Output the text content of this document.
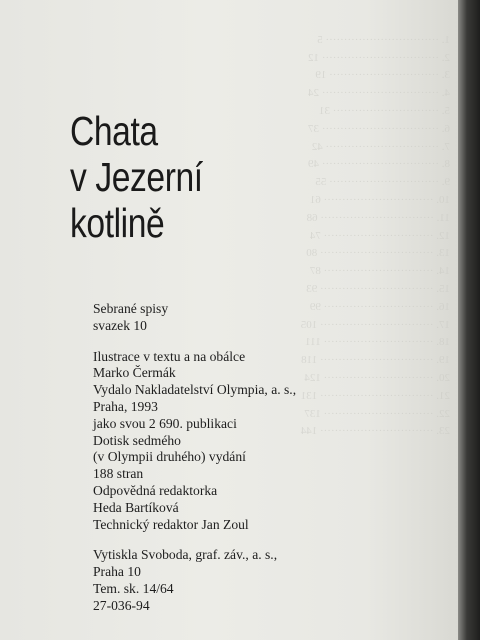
1. ······························· 5
2. ································ 12
3. ······························ 19
4. ································ 24
5. ····························· 31
6. ································ 37
7. ······························· 42
8. ································ 49
9. ······························ 55
10. ······························ 61
11. ······························· 68
12. ······························ 74
13. ······························· 80
14. ······························ 87
15. ······························· 93
16. ······························ 99
17. ······························· 105
18. ······························ 111
19. ······························· 118
20. ······························ 124
21. ······························· 131
22. ······························ 137
23. ······························· 144

Chata
v Jezerní
kotlině
Sebrané spisy
svazek 10
Ilustrace v textu a na obálce
Marko Čermák
Vydalo Nakladatelství Olympia, a. s.,
Praha, 1993
jako svou 2 690. publikaci
Dotisk sedmého
(v Olympii druhého) vydání
188 stran
Odpovědná redaktorka
Heda Bartíková
Technický redaktor Jan Zoul
Vytiskla Svoboda, graf. záv., a. s.,
Praha 10
Tem. sk. 14/64
27-036-94
